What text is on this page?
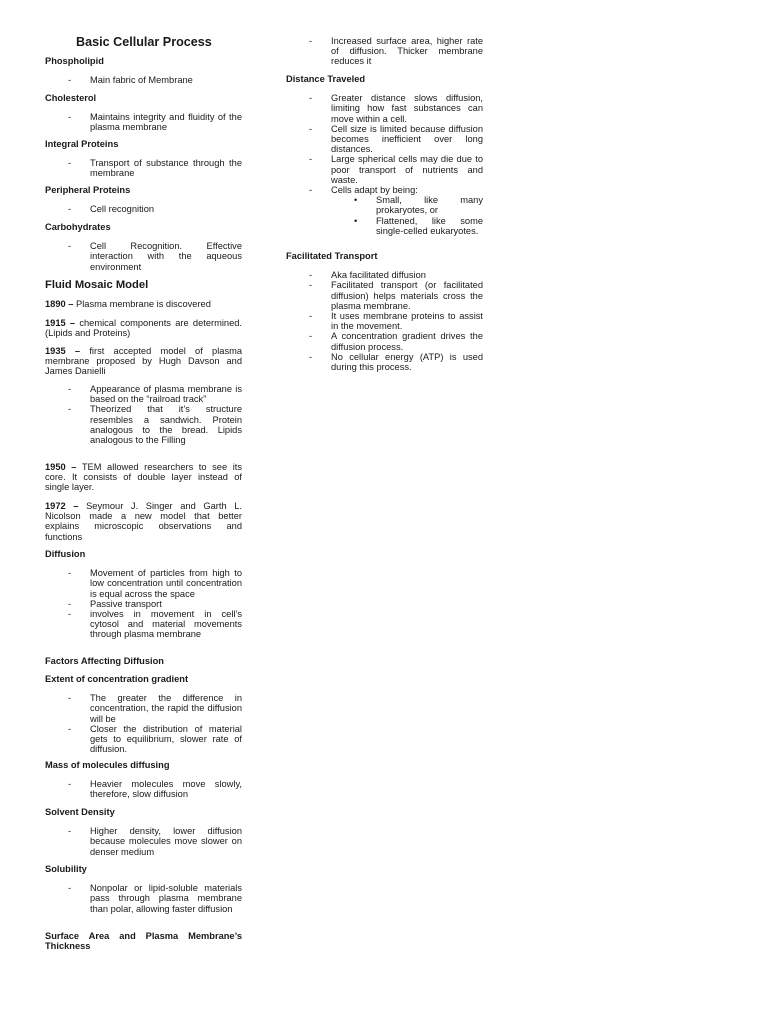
Basic Cellular Process

Phospholipid

- Main fabric of Membrane

Cholesterol

- Maintains integrity and fluidity of the plasma membrane

Integral Proteins

- Transport of substance through the membrane

Peripheral Proteins

- Cell recognition

Carbohydrates

- Cell Recognition. Effective interaction with the aqueous environment
Fluid Mosaic Model

1890 – Plasma membrane is discovered

1915 – chemical components are determined. (Lipids and Proteins)

1935 – first accepted model of plasma membrane proposed by Hugh Davson and James Danielli

- Appearance of plasma membrane is based on the “railroad track”
- Theorized that it’s structure resembles a sandwich. Protein analogous to the bread. Lipids analogous to the Filling

1950 – TEM allowed researchers to see its core. It consists of double layer instead of single layer.

1972 – Seymour J. Singer and Garth L. Nicolson made a new model that better explains microscopic observations and functions

Diffusion

- Movement of particles from high to low concentration until concentration is equal across the space
- Passive transport
- involves in movement in cell’s cytosol and material movements through plasma membrane

Factors Affecting Diffusion

Extent of concentration gradient

- The greater the difference in concentration, the rapid the diffusion will be
- Closer the distribution of material gets to equilibrium, slower rate of diffusion.

Mass of molecules diffusing

- Heavier molecules move slowly, therefore, slow diffusion

Solvent Density

- Higher density, lower diffusion because molecules move slower on denser medium

Solubility

- Nonpolar or lipid-soluble materials pass through plasma membrane than polar, allowing faster diffusion

Surface Area and Plasma Membrane’s Thickness

- Increased surface area, higher rate of diffusion. Thicker membrane reduces it

Distance Traveled

- Greater distance slows diffusion, limiting how fast substances can move within a cell.
- Cell size is limited because diffusion becomes inefficient over long distances.
- Large spherical cells may die due to poor transport of nutrients and waste.
- Cells adapt by being:
• Small, like many prokaryotes, or
• Flattened, like some single-celled eukaryotes.

Facilitated Transport

- Aka facilitated diffusion
- Facilitated transport (or facilitated diffusion) helps materials cross the plasma membrane.
- It uses membrane proteins to assist in the movement.
- A concentration gradient drives the diffusion process.
- No cellular energy (ATP) is used during this process.
